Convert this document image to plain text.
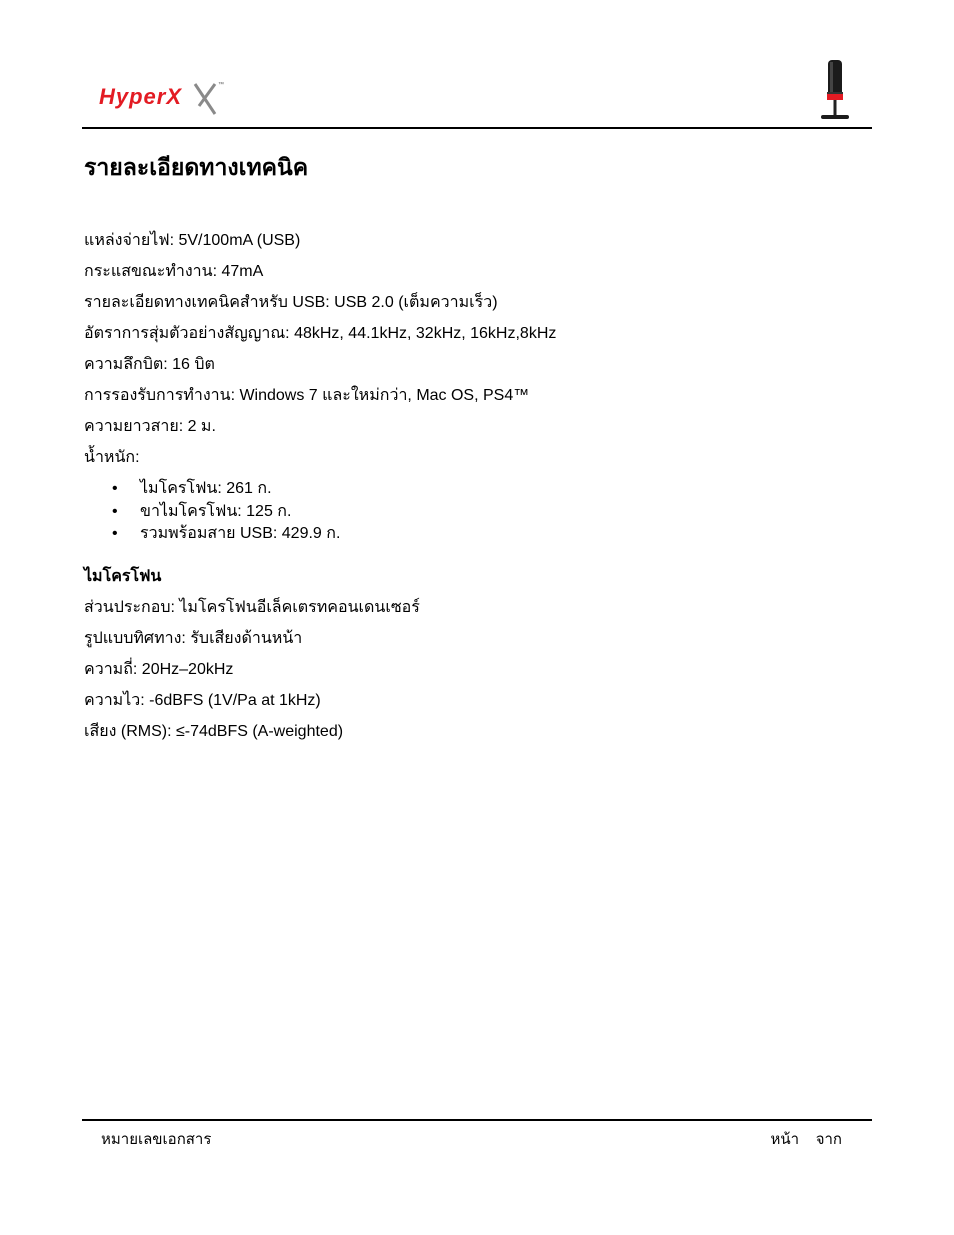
HyperX	™
รายละเอียดทางเทคนิค
แหล่งจ่ายไฟ: 5V/100mA (USB)
กระแสขณะทำงาน: 47mA
รายละเอียดทางเทคนิคสำหรับ USB: USB 2.0 (เต็มความเร็ว)
อัตราการสุ่มตัวอย่างสัญญาณ: 48kHz, 44.1kHz, 32kHz, 16kHz,8kHz
ความลึกบิต: 16 บิต
การรองรับการทำงาน: Windows 7 และใหม่กว่า, Mac OS, PS4™
ความยาวสาย: 2 ม.
น้ำหนัก:
• ไมโครโฟน: 261 ก.
• ขาไมโครโฟน: 125 ก.
• รวมพร้อมสาย USB: 429.9 ก.
ไมโครโฟน
ส่วนประกอบ: ไมโครโฟนอีเล็คเตรทคอนเดนเซอร์
รูปแบบทิศทาง: รับเสียงด้านหน้า
ความถี่: 20Hz–20kHz
ความไว: -6dBFS (1V/Pa at 1kHz)
เสียง (RMS): ≤-74dBFS (A-weighted)
หมายเลขเอกสาร	หน้า    จาก
